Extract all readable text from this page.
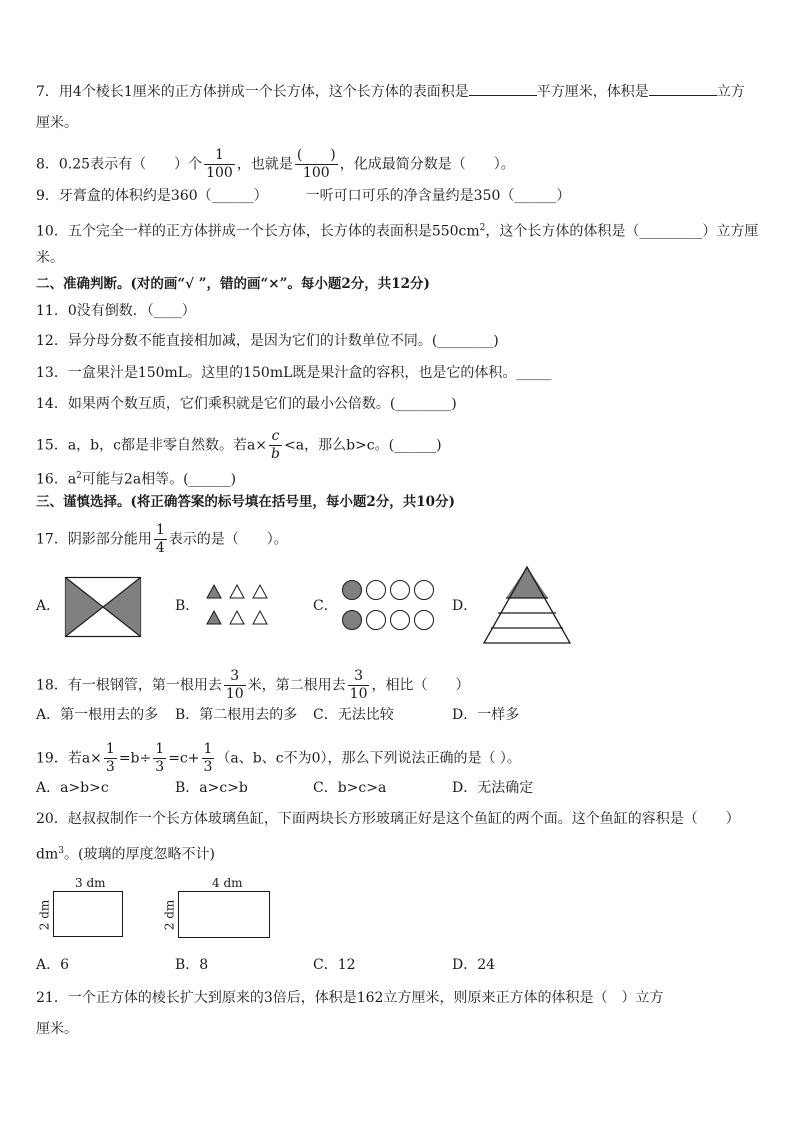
7．用4个棱长1厘米的正方体拼成一个长方体，这个长方体的表面积是	平方厘米，体积是	立方
厘米。
8．0.25表示有（　　）个 $\frac{1}{100}$ ，也就是 $\frac{( )}{100}$ ，化成最简分数是（　　）。
9．牙膏盒的体积约是360（______）	一听可口可乐的净含量约是350（______）
10．五个完全一样的正方体拼成一个长方体，长方体的表面积是$550cm^2$，这个长方体的体积是（_________）立方厘
米。
二、准确判断。(对的画“√ ”，错的画“×”。每小题2分，共12分)
11．0没有倒数．（____）
12．异分母分数不能直接相加减，是因为它们的计数单位不同。(________)
13．一盒果汁是150mL。这里的150mL既是果汁盒的容积，也是它的体积。_____
14．如果两个数互质，它们乘积就是它们的最小公倍数。(________)
15．a，b，c都是非零自然数。若$a\times \frac{c}{b} <a$，那么b>c。(______)
16．$a^2$可能与2a相等。(______)
三、谨慎选择。(将正确答案的标号填在括号里，每小题2分，共10分)
17．阴影部分能用 $\frac{1}{4}$ 表示的是（　　）。
A．	B．	C．	D．
18．有一根钢管，第一根用去 $\frac{3}{10}$ 米，第二根用去 $\frac{3}{10}$ ，相比（　　）
A．第一根用去的多 B．第二根用去的多 C．无法比较	D．一样多
19．若$a\times \frac{1}{3} =b\div \frac{1}{3} =c+ \frac{1}{3} (a$、b、c不为0），那么下列说法正确的是（ ）。
A．a>b>c	B．a>c>b	C．b>c>a	D．无法确定
20．赵叔叔制作一个长方体玻璃鱼缸，下面两块长方形玻璃正好是这个鱼缸的两个面。这个鱼缸的容积是（　　）
$dm^3$。(玻璃的厚度忽略不计)
3 dm
2 dm
4 dm
2 dm
A．6	B．8	C．12	D．24
21．一个正方体的棱长扩大到原来的3倍后，体积是162立方厘米，则原来正方体的体积是（　）立方
厘米。
